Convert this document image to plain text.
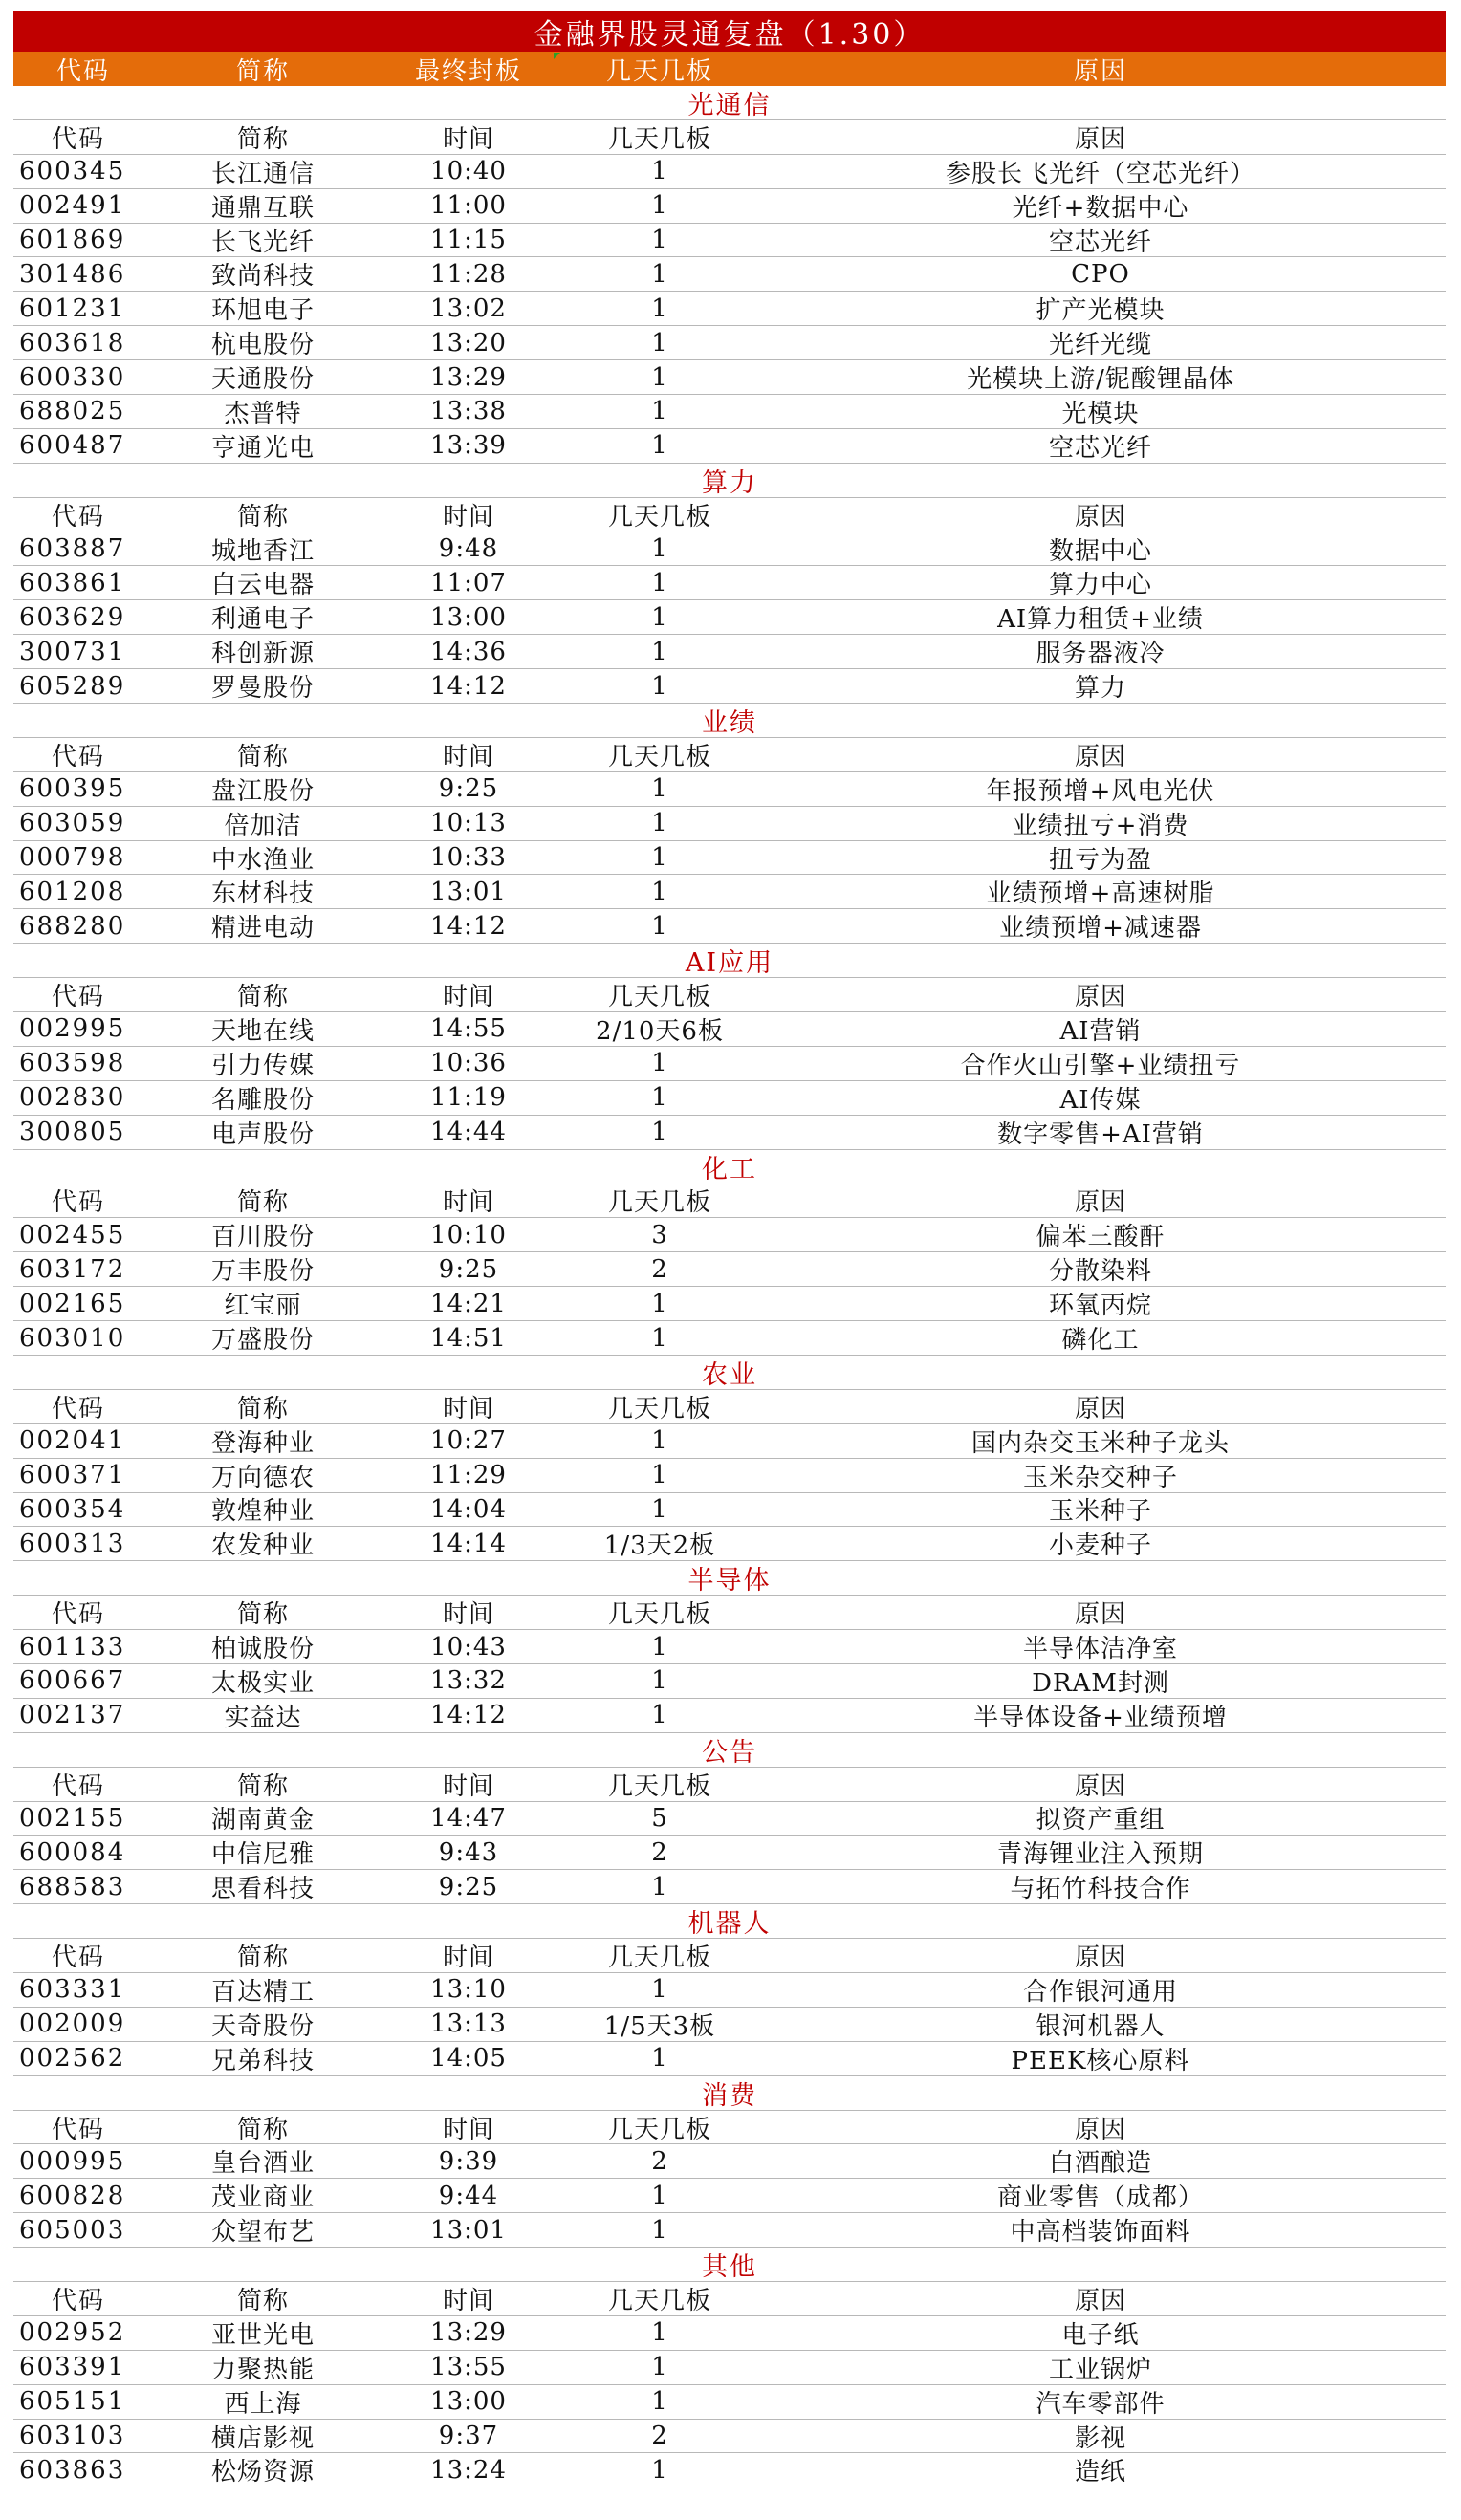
金融界股灵通复盘（1.30）
代码	简称	最终封板	几天几板	原因
光通信
代码	简称	时间	几天几板	原因
600345	长江通信	10:40	1	参股长飞光纤（空芯光纤）
002491	通鼎互联	11:00	1	光纤+数据中心
601869	长飞光纤	11:15	1	空芯光纤
301486	致尚科技	11:28	1	CPO
601231	环旭电子	13:02	1	扩产光模块
603618	杭电股份	13:20	1	光纤光缆
600330	天通股份	13:29	1	光模块上游/铌酸锂晶体
688025	杰普特	13:38	1	光模块
600487	亨通光电	13:39	1	空芯光纤
算力
代码	简称	时间	几天几板	原因
603887	城地香江	9:48	1	数据中心
603861	白云电器	11:07	1	算力中心
603629	利通电子	13:00	1	AI算力租赁+业绩
300731	科创新源	14:36	1	服务器液冷
605289	罗曼股份	14:12	1	算力
业绩
代码	简称	时间	几天几板	原因
600395	盘江股份	9:25	1	年报预增+风电光伏
603059	倍加洁	10:13	1	业绩扭亏+消费
000798	中水渔业	10:33	1	扭亏为盈
601208	东材科技	13:01	1	业绩预增+高速树脂
688280	精进电动	14:12	1	业绩预增+减速器
AI应用
代码	简称	时间	几天几板	原因
002995	天地在线	14:55	2/10天6板	AI营销
603598	引力传媒	10:36	1	合作火山引擎+业绩扭亏
002830	名雕股份	11:19	1	AI传媒
300805	电声股份	14:44	1	数字零售+AI营销
化工
代码	简称	时间	几天几板	原因
002455	百川股份	10:10	3	偏苯三酸酐
603172	万丰股份	9:25	2	分散染料
002165	红宝丽	14:21	1	环氧丙烷
603010	万盛股份	14:51	1	磷化工
农业
代码	简称	时间	几天几板	原因
002041	登海种业	10:27	1	国内杂交玉米种子龙头
600371	万向德农	11:29	1	玉米杂交种子
600354	敦煌种业	14:04	1	玉米种子
600313	农发种业	14:14	1/3天2板	小麦种子
半导体
代码	简称	时间	几天几板	原因
601133	柏诚股份	10:43	1	半导体洁净室
600667	太极实业	13:32	1	DRAM封测
002137	实益达	14:12	1	半导体设备+业绩预增
公告
代码	简称	时间	几天几板	原因
002155	湖南黄金	14:47	5	拟资产重组
600084	中信尼雅	9:43	2	青海锂业注入预期
688583	思看科技	9:25	1	与拓竹科技合作
机器人
代码	简称	时间	几天几板	原因
603331	百达精工	13:10	1	合作银河通用
002009	天奇股份	13:13	1/5天3板	银河机器人
002562	兄弟科技	14:05	1	PEEK核心原料
消费
代码	简称	时间	几天几板	原因
000995	皇台酒业	9:39	2	白酒酿造
600828	茂业商业	9:44	1	商业零售（成都）
605003	众望布艺	13:01	1	中高档装饰面料
其他
代码	简称	时间	几天几板	原因
002952	亚世光电	13:29	1	电子纸
603391	力聚热能	13:55	1	工业锅炉
605151	西上海	13:00	1	汽车零部件
603103	横店影视	9:37	2	影视
603863	松炀资源	13:24	1	造纸
